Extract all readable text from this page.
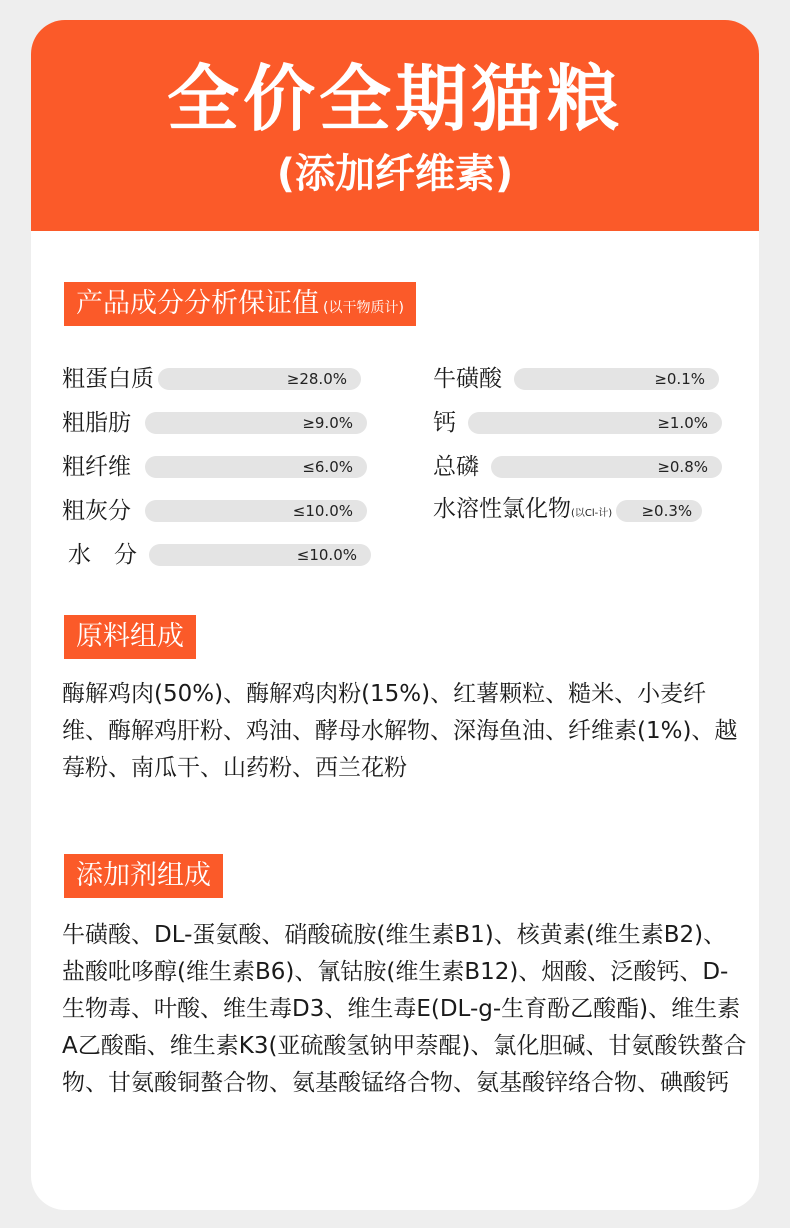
全价全期猫粮
(添加纤维素)
产品成分分析保证值 (以干物质计)
粗蛋白质	≥28.0%
粗脂肪	≥9.0%
粗纤维	≤6.0%
粗灰分	≤10.0%
水　分	≤10.0%
牛磺酸	≥0.1%
钙	≥1.0%
总磷	≥0.8%
水溶性氯化物(以Cl-计)	≥0.3%
原料组成
酶解鸡肉(50%)、酶解鸡肉粉(15%)、红薯颗粒、糙米、小麦纤维、酶解鸡肝粉、鸡油、酵母水解物、深海鱼油、纤维素(1%)、越莓粉、南瓜干、山药粉、西兰花粉
添加剂组成
牛磺酸、DL-蛋氨酸、硝酸硫胺(维生素B1)、核黄素(维生素B2)、盐酸吡哆醇(维生素B6)、氰钴胺(维生素B12)、烟酸、泛酸钙、D-生物毒、叶酸、维生毒D3、维生毒E(DL-g-生育酚乙酸酯)、维生素A乙酸酯、维生素K3(亚硫酸氢钠甲萘醌)、氯化胆碱、甘氨酸铁螯合物、甘氨酸铜螯合物、氨基酸锰络合物、氨基酸锌络合物、碘酸钙
